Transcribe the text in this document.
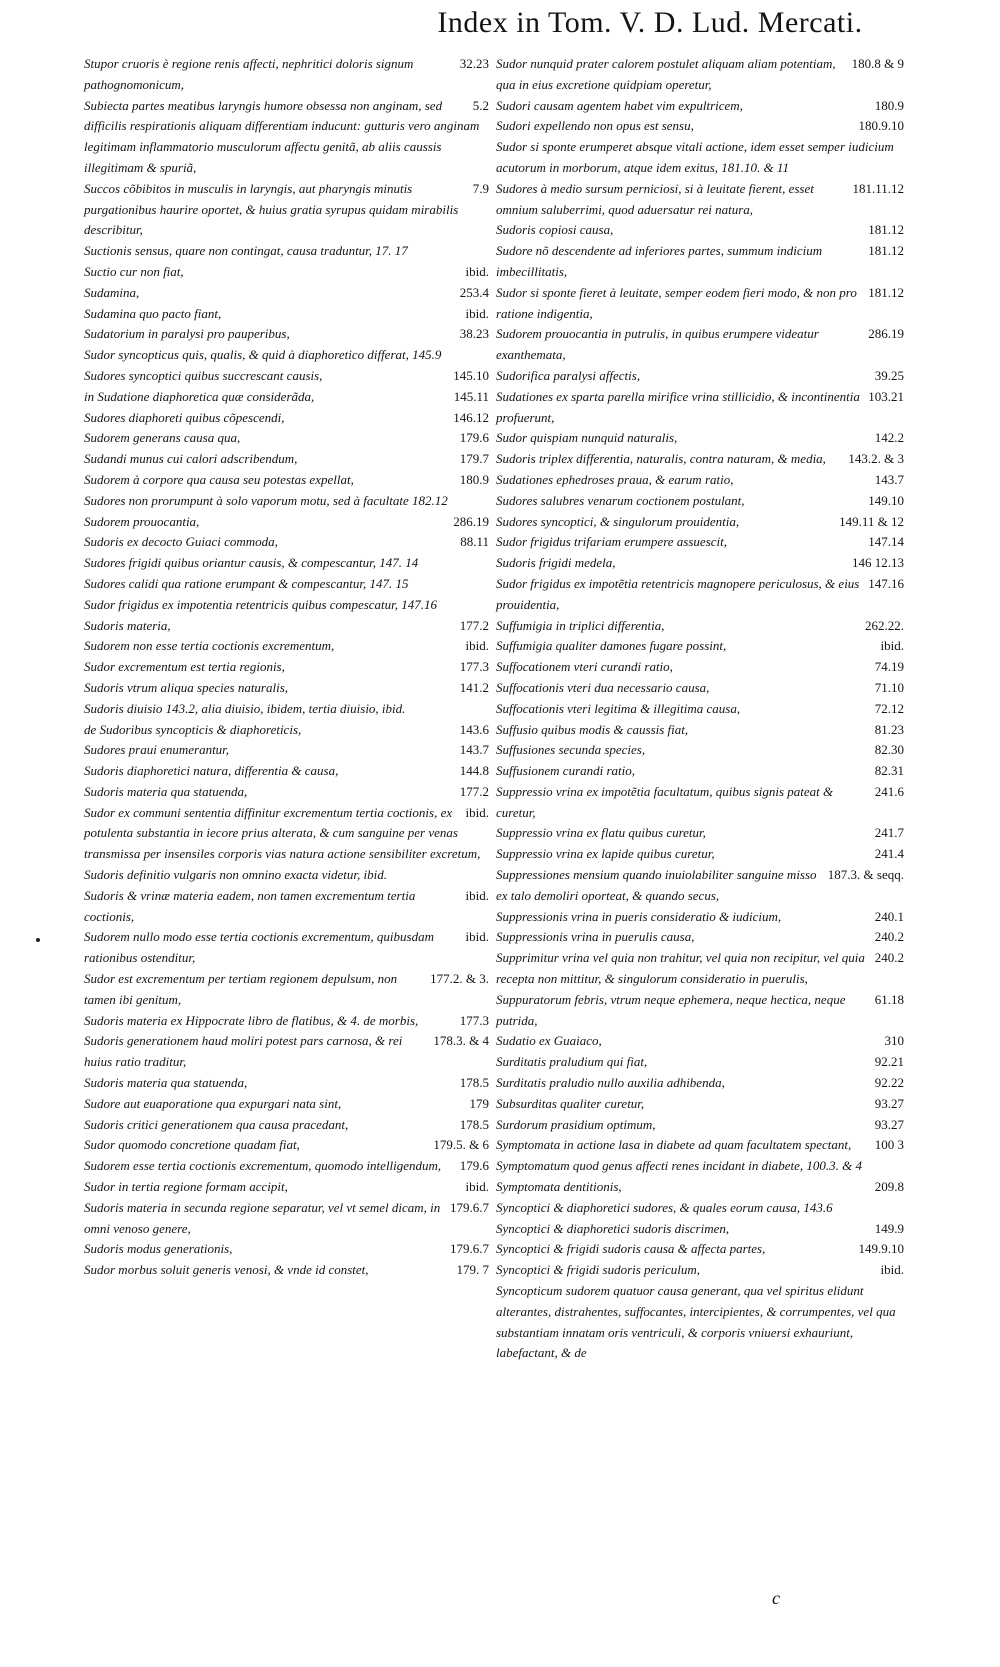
Index in Tom. V. D. Lud. Mercati.
32.23
Stupor cruoris è regione renis affecti, nephritici doloris signum pathognomonicum,
5.2
Subiecta partes meatibus laryngis humore obsessa non anginam, sed difficilis respirationis aliquam differentiam inducunt: gutturis vero anginam legitimam inflammatorio musculorum affectu genitã, ab aliis caussis illegitimam & spuriã,
7.9
Succos cõbibitos in musculis in laryngis, aut pharyngis minutis purgationibus haurire oportet, & huius gratia syrupus quidam mirabilis describitur,
Suctionis sensus, quare non contingat, causa traduntur, 17. 17
ibid.
Suctio cur non fiat,
253.4
Sudamina,
ibid.
Sudamina quo pacto fiant,
38.23
Sudatorium in paralysi pro pauperibus,
Sudor syncopticus quis, qualis, & quid à diaphoretico differat, 145.9
145.10
Sudores syncoptici quibus succrescant causis,
145.11
in Sudatione diaphoretica quæ considerãda,
146.12
Sudores diaphoreti quibus cõpescendi,
179.6
Sudorem generans causa qua,
179.7
Sudandi munus cui calori adscribendum,
180.9
Sudorem à corpore qua causa seu potestas expellat,
Sudores non prorumpunt à solo vaporum motu, sed à facultate 182.12
286.19
Sudorem prouocantia,
88.11
Sudoris ex decocto Guiaci commoda,
Sudores frigidi quibus oriantur causis, & compescantur, 147. 14
Sudores calidi qua ratione erumpant & compescantur, 147. 15
Sudor frigidus ex impotentia retentricis quibus compescatur, 147.16
177.2
Sudoris materia,
ibid.
Sudorem non esse tertia coctionis excrementum,
177.3
Sudor excrementum est tertia regionis,
141.2
Sudoris vtrum aliqua species naturalis,
Sudoris diuisio 143.2, alia diuisio, ibidem, tertia diuisio, ibid.
143.6
de Sudoribus syncopticis & diaphoreticis,
143.7
Sudores praui enumerantur,
144.8
Sudoris diaphoretici natura, differentia & causa,
177.2
Sudoris materia qua statuenda,
ibid.
Sudor ex communi sententia diffinitur excrementum tertia coctionis, ex potulenta substantia in iecore prius alterata, & cum sanguine per venas transmissa per insensiles corporis vias natura actione sensibiliter excretum,
Sudoris definitio vulgaris non omnino exacta videtur, ibid.
ibid.
Sudoris & vrinæ materia eadem, non tamen excrementum tertia coctionis,
ibid.
Sudorem nullo modo esse tertia coctionis excrementum, quibusdam rationibus ostenditur,
177.2. & 3.
Sudor est excrementum per tertiam regionem depulsum, non tamen ibi genitum,
177.3
Sudoris materia ex Hippocrate libro de flatibus, & 4. de morbis,
178.3. & 4
Sudoris generationem haud moliri potest pars carnosa, & rei huius ratio traditur,
178.5
Sudoris materia qua statuenda,
179
Sudore aut euaporatione qua expurgari nata sint,
178.5
Sudoris critici generationem qua causa pracedant,
179.5. & 6
Sudor quomodo concretione quadam fiat,
179.6
Sudorem esse tertia coctionis excrementum, quomodo intelligendum,
ibid.
Sudor in tertia regione formam accipit,
179.6.7
Sudoris materia in secunda regione separatur, vel vt semel dicam, in omni venoso genere,
179.6.7
Sudoris modus generationis,
179. 7
Sudor morbus soluit generis venosi, & vnde id constet,
180.8 & 9
Sudor nunquid prater calorem postulet aliquam aliam potentiam, qua in eius excretione quidpiam operetur,
180.9
Sudori causam agentem habet vim expultricem,
180.9.10
Sudori expellendo non opus est sensu,
Sudor si sponte erumperet absque vitali actione, idem esset semper iudicium acutorum in morborum, atque idem exitus, 181.10. & 11
181.11.12
Sudores à medio sursum perniciosi, si à leuitate fierent, esset omnium saluberrimi, quod aduersatur rei natura,
181.12
Sudoris copiosi causa,
181.12
Sudore nõ descendente ad inferiores partes, summum indicium imbecillitatis,
181.12
Sudor si sponte fieret à leuitate, semper eodem fieri modo, & non pro ratione indigentia,
286.19
Sudorem prouocantia in putrulis, in quibus erumpere videatur exanthemata,
39.25
Sudorifica paralysi affectis,
103.21
Sudationes ex sparta parella mirifice vrina stillicidio, & incontinentia profuerunt,
142.2
Sudor quispiam nunquid naturalis,
143.2. & 3
Sudoris triplex differentia, naturalis, contra naturam, & media,
143.7
Sudationes ephedroses praua, & earum ratio,
149.10
Sudores salubres venarum coctionem postulant,
149.11 & 12
Sudores syncoptici, & singulorum prouidentia,
147.14
Sudor frigidus trifariam erumpere assuescit,
146 12.13
Sudoris frigidi medela,
147.16
Sudor frigidus ex impotẽtia retentricis magnopere periculosus, & eius prouidentia,
262.22.
Suffumigia in triplici differentia,
ibid.
Suffumigia qualiter damones fugare possint,
74.19
Suffocationem vteri curandi ratio,
71.10
Suffocationis vteri dua necessario causa,
72.12
Suffocationis vteri legitima & illegitima causa,
81.23
Suffusio quibus modis & caussis fiat,
82.30
Suffusiones secunda species,
82.31
Suffusionem curandi ratio,
241.6
Suppressio vrina ex impotẽtia facultatum, quibus signis pateat & curetur,
241.7
Suppressio vrina ex flatu quibus curetur,
241.4
Suppressio vrina ex lapide quibus curetur,
187.3. & seqq.
Suppressiones mensium quando inuiolabiliter sanguine misso ex talo demoliri oporteat, & quando secus,
240.1
Suppressionis vrina in pueris consideratio & iudicium,
240.2
Suppressionis vrina in puerulis causa,
240.2
Supprimitur vrina vel quia non trahitur, vel quia non recipitur, vel quia recepta non mittitur, & singulorum consideratio in puerulis,
61.18
Suppuratorum febris, vtrum neque ephemera, neque hectica, neque putrida,
310
Sudatio ex Guaiaco,
92.21
Surditatis praludium qui fiat,
92.22
Surditatis praludio nullo auxilia adhibenda,
93.27
Subsurditas qualiter curetur,
93.27
Surdorum prasidium optimum,
100 3
Symptomata in actione lasa in diabete ad quam facultatem spectant,
Symptomatum quod genus affecti renes incidant in diabete, 100.3. & 4
209.8
Symptomata dentitionis,
Syncoptici & diaphoretici sudores, & quales eorum causa, 143.6
149.9
Syncoptici & diaphoretici sudoris discrimen,
149.9.10
Syncoptici & frigidi sudoris causa & affecta partes,
ibid.
Syncoptici & frigidi sudoris periculum,
Syncopticum sudorem quatuor causa generant, qua vel spiritus elidunt alterantes, distrahentes, suffocantes, intercipientes, & corrumpentes, vel qua substantiam innatam oris ventriculi, & corporis vniuersi exhauriunt, labefactant, & de
c
